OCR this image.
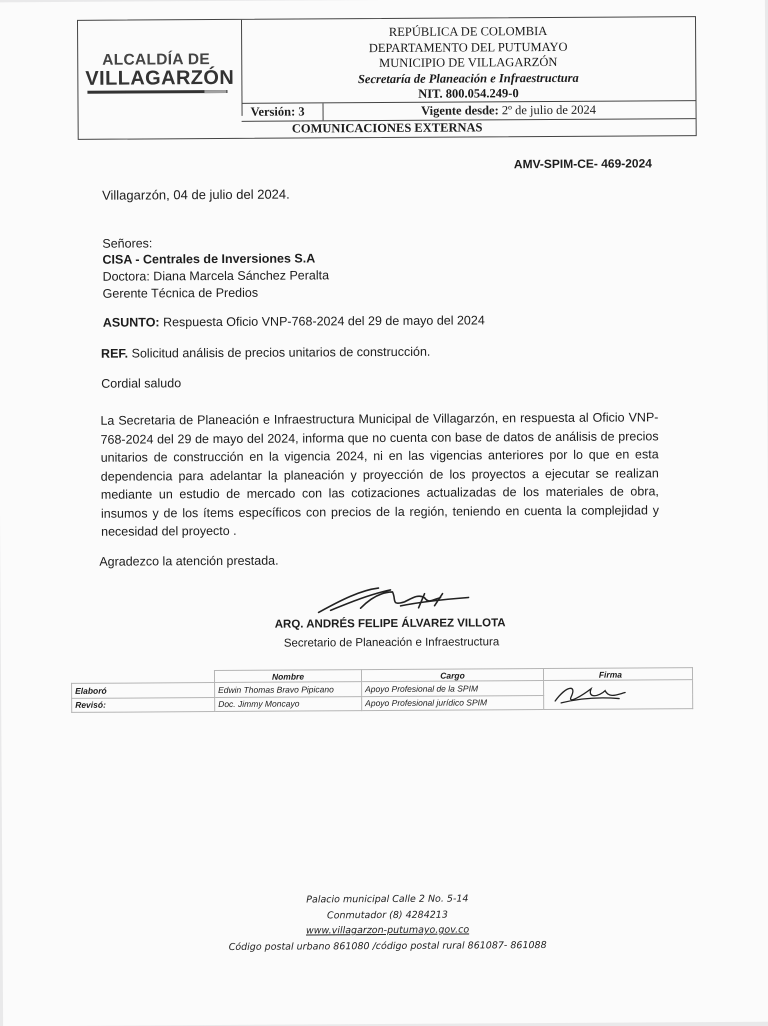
ALCALDÍA DE
VILLAGARZÓN
REPÚBLICA DE COLOMBIA
DEPARTAMENTO DEL PUTUMAYO
MUNICIPIO DE VILLAGARZÓN
Secretaría de Planeación e Infraestructura
NIT. 800.054.249-0
Versión: 3	Vigente desde: 2º de julio de 2024
COMUNICACIONES EXTERNAS
AMV-SPIM-CE- 469-2024
Villagarzón, 04 de julio del 2024.
Señores:
CISA - Centrales de Inversiones S.A
Doctora: Diana Marcela Sánchez Peralta
Gerente Técnica de Predios
ASUNTO: Respuesta Oficio VNP-768-2024 del 29 de mayo del 2024
REF. Solicitud análisis de precios unitarios de construcción.
Cordial saludo
La Secretaria de Planeación e Infraestructura Municipal de Villagarzón, en respuesta al Oficio VNP-768-2024 del 29 de mayo del 2024, informa que no cuenta con base de datos de análisis de precios unitarios de construcción en la vigencia 2024, ni en las vigencias anteriores por lo que en esta dependencia para adelantar la planeación y proyección de los proyectos a ejecutar se realizan mediante un estudio de mercado con las cotizaciones actualizadas de los materiales de obra, insumos y de los ítems específicos con precios de la región, teniendo en cuenta la complejidad y necesidad del proyecto .
Agradezco la atención prestada.
ARQ. ANDRÉS FELIPE ÁLVAREZ VILLOTA
Secretario de Planeación e Infraestructura
	Nombre	Cargo	Firma
Elaboró	Edwin Thomas Bravo Pipicano	Apoyo Profesional de la SPIM	
Revisó:	Doc. Jimmy Moncayo	Apoyo Profesional jurídico SPIM	
Palacio municipal Calle 2 No. 5-14
Conmutador (8) 4284213
www.villagarzon-putumayo.gov.co
Código postal urbano 861080 /código postal rural 861087- 861088
